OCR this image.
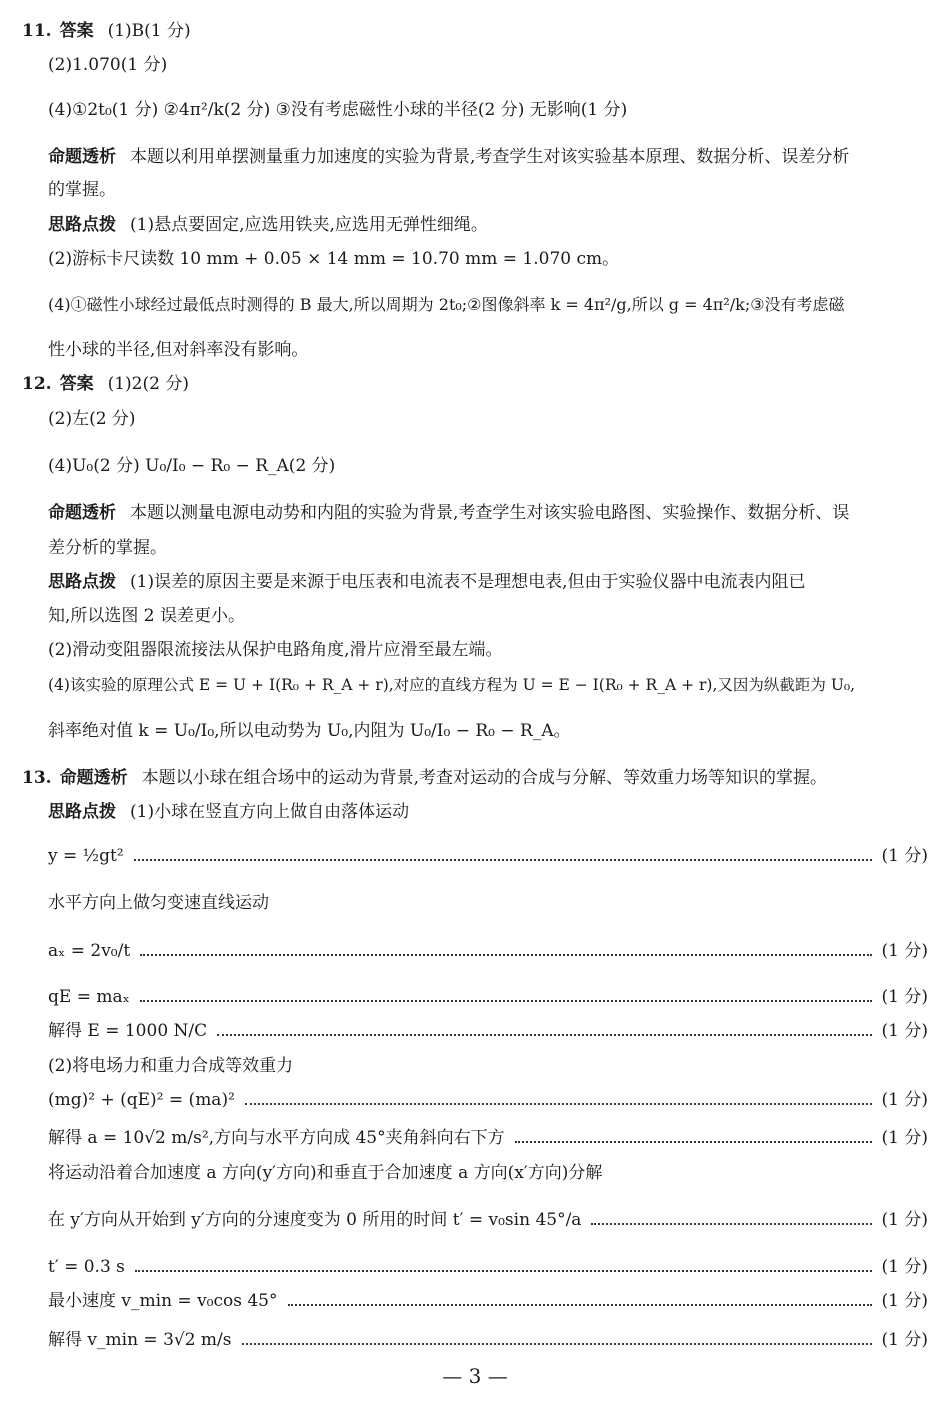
11. 答案 (1)B(1 分)
(2)1.070(1 分)
(4)①2t₀(1 分) ②4π²/k(2 分) ③没有考虑磁性小球的半径(2 分) 无影响(1 分)
命题透析 本题以利用单摆测量重力加速度的实验为背景,考查学生对该实验基本原理、数据分析、误差分析
的掌握。
思路点拨 (1)悬点要固定,应选用铁夹,应选用无弹性细绳。
(2)游标卡尺读数 10 mm + 0.05 × 14 mm = 10.70 mm = 1.070 cm。
(4)①磁性小球经过最低点时测得的 B 最大,所以周期为 2t₀;②图像斜率 k = 4π²/g,所以 g = 4π²/k;③没有考虑磁
性小球的半径,但对斜率没有影响。
12. 答案 (1)2(2 分)
(2)左(2 分)
(4)U₀(2 分) U₀/I₀ − R₀ − R_A(2 分)
命题透析 本题以测量电源电动势和内阻的实验为背景,考查学生对该实验电路图、实验操作、数据分析、误
差分析的掌握。
思路点拨 (1)误差的原因主要是来源于电压表和电流表不是理想电表,但由于实验仪器中电流表内阻已
知,所以选图 2 误差更小。
(2)滑动变阻器限流接法从保护电路角度,滑片应滑至最左端。
(4)该实验的原理公式 E = U + I(R₀ + R_A + r),对应的直线方程为 U = E − I(R₀ + R_A + r),又因为纵截距为 U₀,
斜率绝对值 k = U₀/I₀,所以电动势为 U₀,内阻为 U₀/I₀ − R₀ − R_A。
13. 命题透析 本题以小球在组合场中的运动为背景,考查对运动的合成与分解、等效重力场等知识的掌握。
思路点拨 (1)小球在竖直方向上做自由落体运动
y = ½gt²	(1 分)
水平方向上做匀变速直线运动
aₓ = 2v₀/t	(1 分)
qE = maₓ	(1 分)
解得 E = 1000 N/C	(1 分)
(2)将电场力和重力合成等效重力
(mg)² + (qE)² = (ma)²	(1 分)
解得 a = 10√2 m/s²,方向与水平方向成 45°夹角斜向右下方	(1 分)
将运动沿着合加速度 a 方向(y′方向)和垂直于合加速度 a 方向(x′方向)分解
在 y′方向从开始到 y′方向的分速度变为 0 所用的时间 t′ = v₀sin 45°/a	(1 分)
t′ = 0.3 s	(1 分)
最小速度 v_min = v₀cos 45°	(1 分)
解得 v_min = 3√2 m/s	(1 分)
— 3 —
